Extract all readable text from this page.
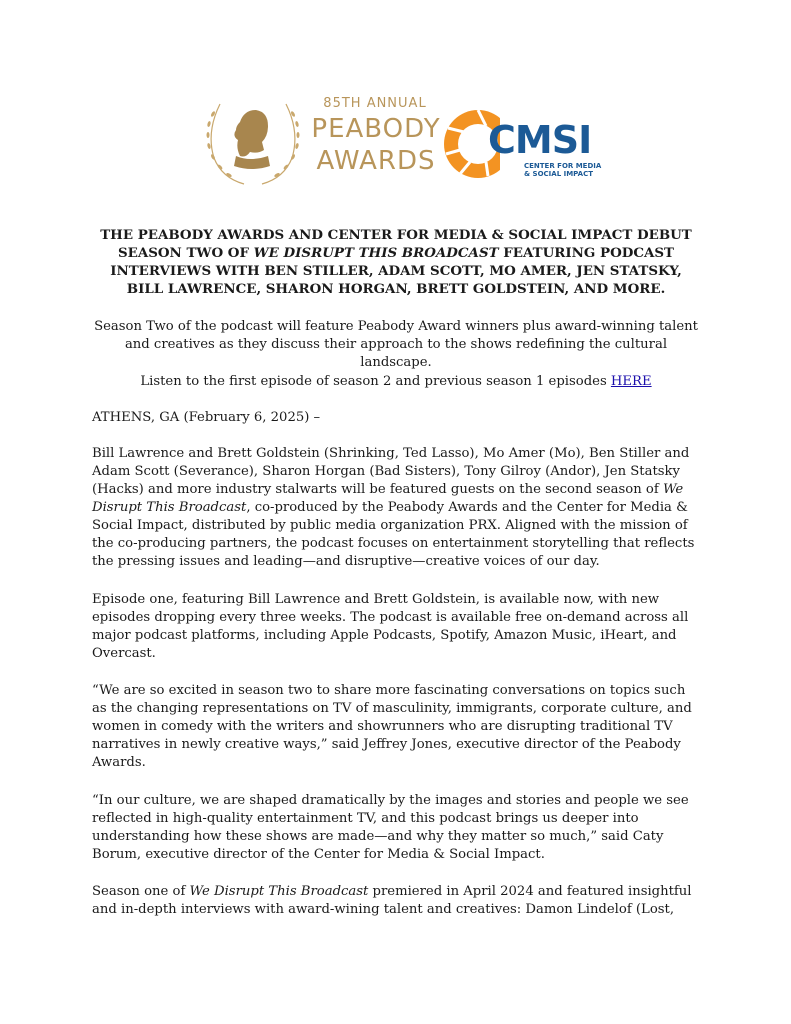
85TH ANNUAL
PEABODY
AWARDS CMSI
CENTER FOR MEDIA
& SOCIAL IMPACT
THE PEABODY AWARDS AND CENTER FOR MEDIA & SOCIAL IMPACT DEBUT SEASON TWO OF WE DISRUPT THIS BROADCAST FEATURING PODCAST INTERVIEWS WITH BEN STILLER, ADAM SCOTT, MO AMER, JEN STATSKY, BILL LAWRENCE, SHARON HORGAN, BRETT GOLDSTEIN, AND MORE.
Season Two of the podcast will feature Peabody Award winners plus award-winning talent and creatives as they discuss their approach to the shows redefining the cultural landscape.
Listen to the first episode of season 2 and previous season 1 episodes HERE
ATHENS, GA (February 6, 2025) –
Bill Lawrence and Brett Goldstein (Shrinking, Ted Lasso), Mo Amer (Mo), Ben Stiller and Adam Scott (Severance), Sharon Horgan (Bad Sisters), Tony Gilroy (Andor), Jen Statsky (Hacks) and more industry stalwarts will be featured guests on the second season of We Disrupt This Broadcast, co-produced by the Peabody Awards and the Center for Media & Social Impact, distributed by public media organization PRX. Aligned with the mission of the co-producing partners, the podcast focuses on entertainment storytelling that reflects the pressing issues and leading—and disruptive—creative voices of our day.
Episode one, featuring Bill Lawrence and Brett Goldstein, is available now, with new episodes dropping every three weeks. The podcast is available free on-demand across all major podcast platforms, including Apple Podcasts, Spotify, Amazon Music, iHeart, and Overcast.
“We are so excited in season two to share more fascinating conversations on topics such as the changing representations on TV of masculinity, immigrants, corporate culture, and women in comedy with the writers and showrunners who are disrupting traditional TV narratives in newly creative ways,” said Jeffrey Jones, executive director of the Peabody Awards.
“In our culture, we are shaped dramatically by the images and stories and people we see reflected in high-quality entertainment TV, and this podcast brings us deeper into understanding how these shows are made—and why they matter so much,” said Caty Borum, executive director of the Center for Media & Social Impact.
Season one of We Disrupt This Broadcast premiered in April 2024 and featured insightful and in-depth interviews with award-wining talent and creatives: Damon Lindelof (Lost,
